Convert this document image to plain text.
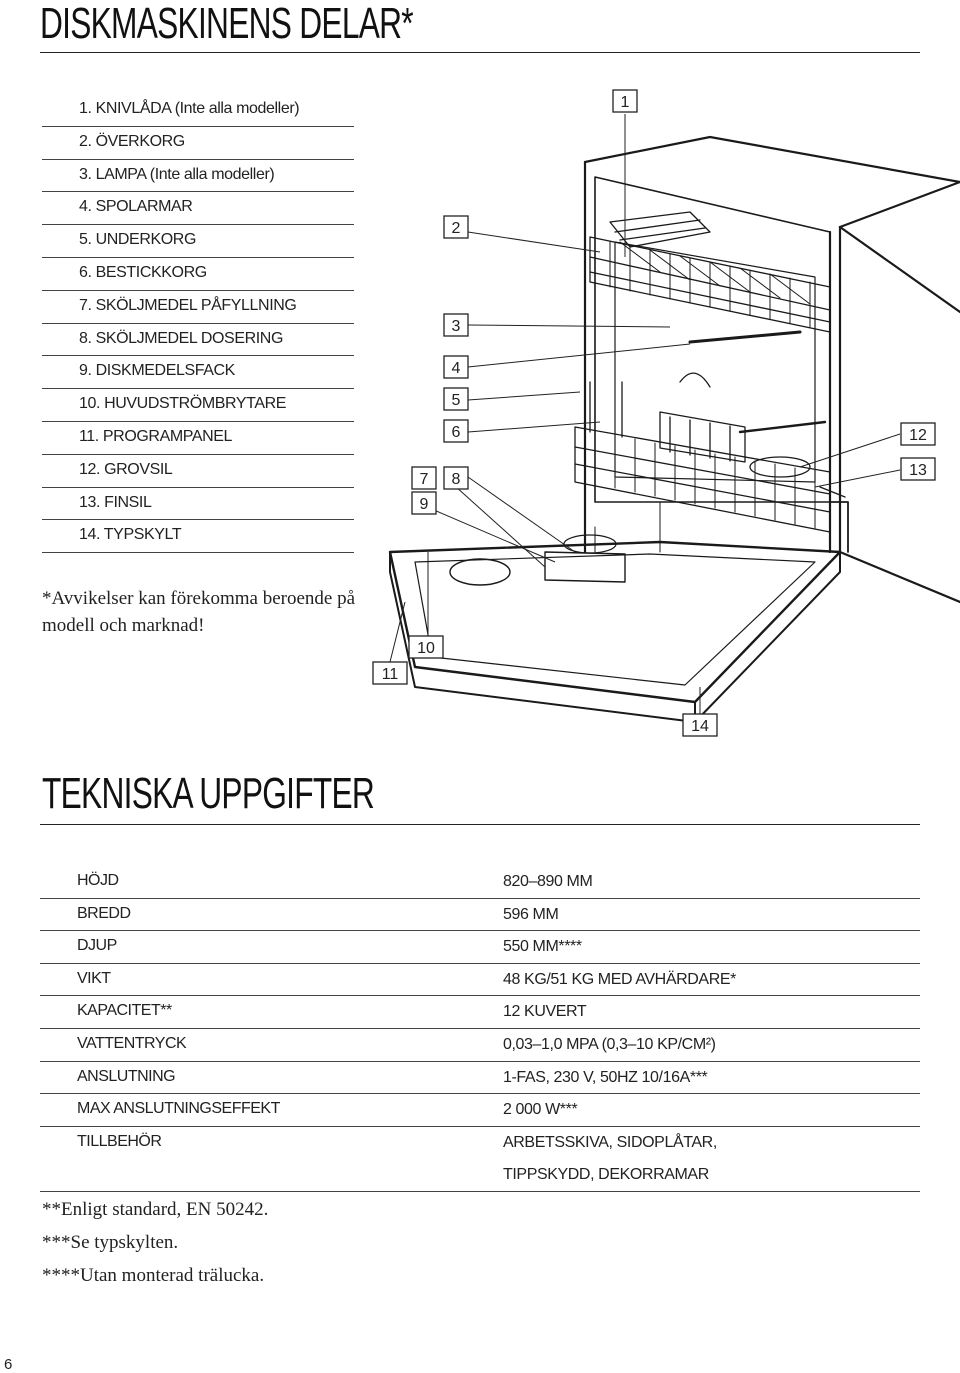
DISKMASKINENS DELAR*
1. KNIVLÅDA (Inte alla modeller)
2. ÖVERKORG
3. LAMPA (Inte alla modeller)
4. SPOLARMAR
5. UNDERKORG
6. BESTICKKORG
7. SKÖLJMEDEL PÅFYLLNING
8. SKÖLJMEDEL DOSERING
9. DISKMEDELSFACK
10. HUVUDSTRÖMBRYTARE
11. PROGRAMPANEL
12. GROVSIL
13. FINSIL
14. TYPSKYLT

*Avvikelser kan förekomma beroende på modell och marknad!

1
2
3
4
5
6
7 8
9
10
11
12
13
14
TEKNISKA UPPGIFTER
HÖJD	820–890 MM
BREDD	596 MM
DJUP	550 MM****
VIKT	48 KG/51 KG MED AVHÄRDARE*
KAPACITET**	12 KUVERT
VATTENTRYCK	0,03–1,0 MPA (0,3–10 KP/CM²)
ANSLUTNING	1-FAS, 230 V, 50HZ 10/16A***
MAX ANSLUTNINGSEFFEKT	2 000 W***
TILLBEHÖR	ARBETSSKIVA, SIDOPLÅTAR,
TIPPSKYDD, DEKORRAMAR
**Enligt standard, EN 50242.
***Se typskylten.
****Utan monterad trälucka.
6
